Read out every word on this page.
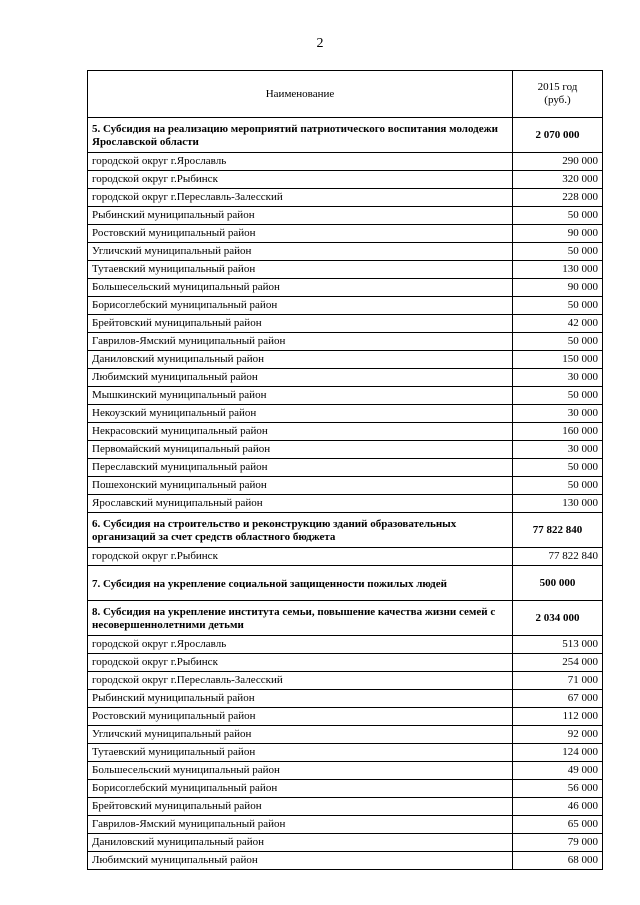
2
Наименование	2015 год
(руб.)
5. Субсидия на реализацию мероприятий патриотического воспитания молодежи Ярославской области	2 070 000
городской округ г.Ярославль	290 000
городской округ г.Рыбинск	320 000
городской округ г.Переславль-Залесский	228 000
Рыбинский муниципальный район	50 000
Ростовский муниципальный район	90 000
Угличский муниципальный район	50 000
Тутаевский муниципальный район	130 000
Большесельский муниципальный район	90 000
Борисоглебский муниципальный район	50 000
Брейтовский муниципальный район	42 000
Гаврилов-Ямский муниципальный район	50 000
Даниловский муниципальный район	150 000
Любимский муниципальный район	30 000
Мышкинский муниципальный район	50 000
Некоузский муниципальный район	30 000
Некрасовский муниципальный район	160 000
Первомайский муниципальный район	30 000
Переславский муниципальный район	50 000
Пошехонский муниципальный район	50 000
Ярославский муниципальный район	130 000
6. Субсидия на строительство и реконструкцию зданий образовательных организаций за счет средств областного бюджета	77 822 840
городской округ г.Рыбинск	77 822 840
7. Субсидия на укрепление социальной защищенности пожилых людей	500 000
8. Субсидия на укрепление института семьи, повышение качества жизни семей с несовершеннолетними детьми	2 034 000
городской округ г.Ярославль	513 000
городской округ г.Рыбинск	254 000
городской округ г.Переславль-Залесский	71 000
Рыбинский муниципальный район	67 000
Ростовский муниципальный район	112 000
Угличский муниципальный район	92 000
Тутаевский муниципальный район	124 000
Большесельский муниципальный район	49 000
Борисоглебский муниципальный район	56 000
Брейтовский муниципальный район	46 000
Гаврилов-Ямский муниципальный район	65 000
Даниловский муниципальный район	79 000
Любимский муниципальный район	68 000
